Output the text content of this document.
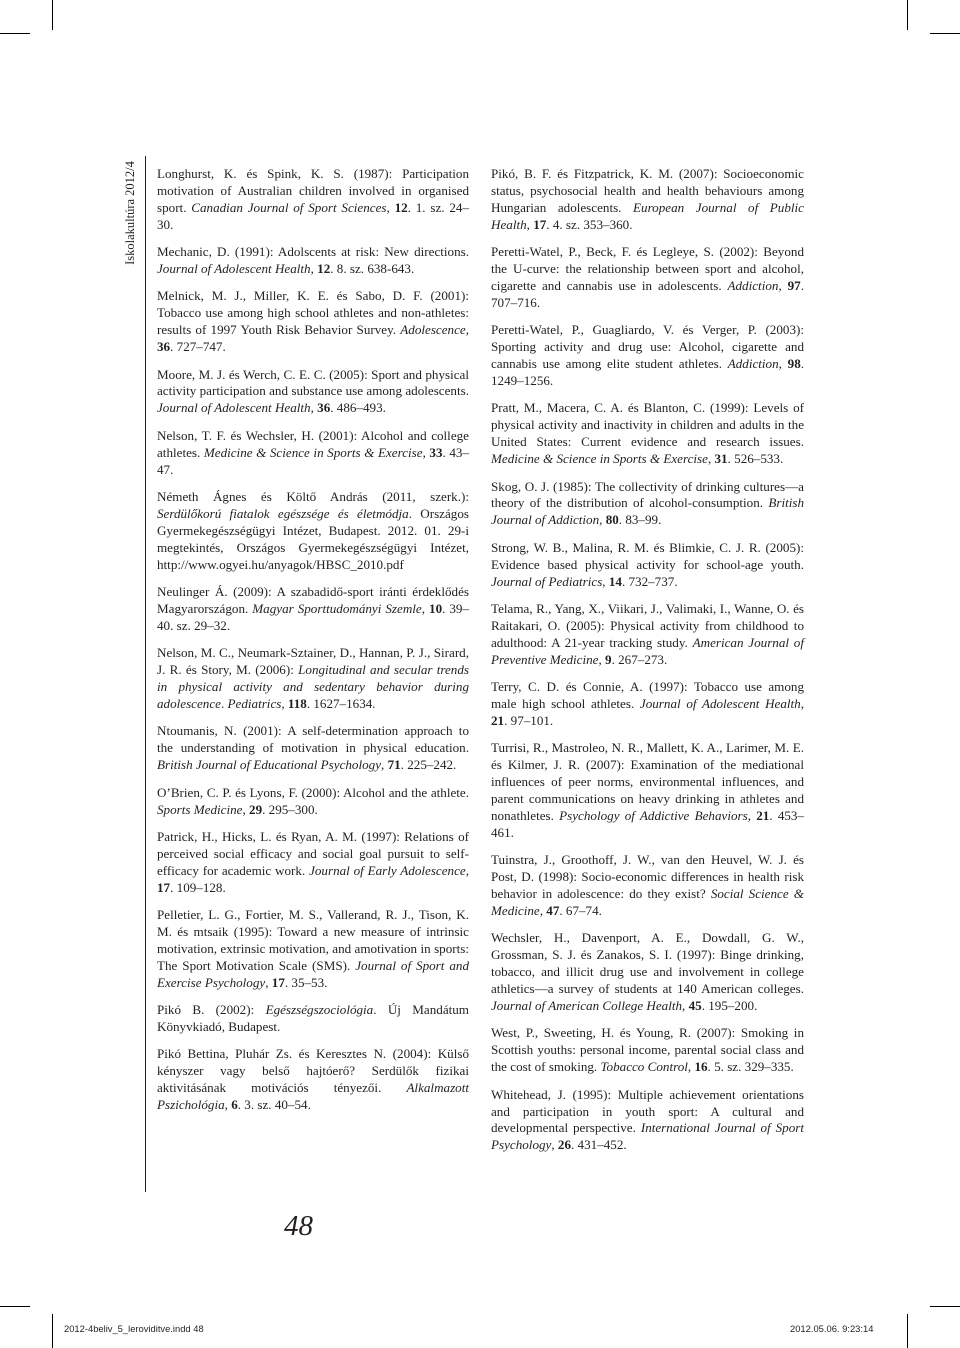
Iskolakultúra 2012/4	Longhurst, K. és Spink, K. S. (1987): Participation motivation of Australian children involved in organised sport. Canadian Journal of Sport Sciences, 12. 1. sz. 24–30.

Mechanic, D. (1991): Adolscents at risk: New directions. Journal of Adolescent Health, 12. 8. sz. 638-643.

Melnick, M. J., Miller, K. E. és Sabo, D. F. (2001): Tobacco use among high school athletes and non-athletes: results of 1997 Youth Risk Behavior Survey. Adolescence, 36. 727–747.

Moore, M. J. és Werch, C. E. C. (2005): Sport and physical activity participation and substance use among adolescents. Journal of Adolescent Health, 36. 486–493.

Nelson, T. F. és Wechsler, H. (2001): Alcohol and college athletes. Medicine & Science in Sports & Exercise, 33. 43–47.

Németh Ágnes és Költő András (2011, szerk.): Serdülőkorú fiatalok egészsége és életmódja. Országos Gyermekegészségügyi Intézet, Budapest. 2012. 01. 29-i megtekintés, Országos Gyermekegészségügyi Intézet, http://www.ogyei.hu/anyagok/HBSC_2010.pdf

Neulinger Á. (2009): A szabadidő-sport iránti érdeklődés Magyarországon. Magyar Sporttudományi Szemle, 10. 39–40. sz. 29–32.

Nelson, M. C., Neumark-Sztainer, D., Hannan, P. J., Sirard, J. R. és Story, M. (2006): Longitudinal and secular trends in physical activity and sedentary behavior during adolescence. Pediatrics, 118. 1627–1634.

Ntoumanis, N. (2001): A self-determination approach to the understanding of motivation in physical education. British Journal of Educational Psychology, 71. 225–242.

O’Brien, C. P. és Lyons, F. (2000): Alcohol and the athlete. Sports Medicine, 29. 295–300.

Patrick, H., Hicks, L. és Ryan, A. M. (1997): Relations of perceived social efficacy and social goal pursuit to self-efficacy for academic work. Journal of Early Adolescence, 17. 109–128.

Pelletier, L. G., Fortier, M. S., Vallerand, R. J., Tison, K. M. és mtsaik (1995): Toward a new measure of intrinsic motivation, extrinsic motivation, and amotivation in sports: The Sport Motivation Scale (SMS). Journal of Sport and Exercise Psychology, 17. 35–53.

Pikó B. (2002): Egészségszociológia. Új Mandátum Könyvkiadó, Budapest.

Pikó Bettina, Pluhár Zs. és Keresztes N. (2004): Külső kényszer vagy belső hajtóerő? Serdülők fizikai aktivitásának motivációs tényezői. Alkalmazott Pszichológia, 6. 3. sz. 40–54.

Pikó, B. F. és Fitzpatrick, K. M. (2007): Socioeconomic status, psychosocial health and health behaviours among Hungarian adolescents. European Journal of Public Health, 17. 4. sz. 353–360.

Peretti-Watel, P., Beck, F. és Legleye, S. (2002): Beyond the U-curve: the relationship between sport and alcohol, cigarette and cannabis use in adolescents. Addiction, 97. 707–716.

Peretti-Watel, P., Guagliardo, V. és Verger, P. (2003): Sporting activity and drug use: Alcohol, cigarette and cannabis use among elite student athletes. Addiction, 98. 1249–1256.

Pratt, M., Macera, C. A. és Blanton, C. (1999): Levels of physical activity and inactivity in children and adults in the United States: Current evidence and research issues. Medicine & Science in Sports & Exercise, 31. 526–533.

Skog, O. J. (1985): The collectivity of drinking cultures—a theory of the distribution of alcohol-consumption. British Journal of Addiction, 80. 83–99.

Strong, W. B., Malina, R. M. és Blimkie, C. J. R. (2005): Evidence based physical activity for school-age youth. Journal of Pediatrics, 14. 732–737.

Telama, R., Yang, X., Viikari, J., Valimaki, I., Wanne, O. és Raitakari, O. (2005): Physical activity from childhood to adulthood: A 21-year tracking study. American Journal of Preventive Medicine, 9. 267–273.

Terry, C. D. és Connie, A. (1997): Tobacco use among male high school athletes. Journal of Adolescent Health, 21. 97–101.

Turrisi, R., Mastroleo, N. R., Mallett, K. A., Larimer, M. E. és Kilmer, J. R. (2007): Examination of the mediational influences of peer norms, environmental influences, and parent communications on heavy drinking in athletes and nonathletes. Psychology of Addictive Behaviors, 21. 453–461.

Tuinstra, J., Groothoff, J. W., van den Heuvel, W. J. és Post, D. (1998): Socio-economic differences in health risk behavior in adolescence: do they exist? Social Science & Medicine, 47. 67–74.

Wechsler, H., Davenport, A. E., Dowdall, G. W., Grossman, S. J. és Zanakos, S. I. (1997): Binge drinking, tobacco, and illicit drug use and involvement in college athletics—a survey of students at 140 American colleges. Journal of American College Health, 45. 195–200.

West, P., Sweeting, H. és Young, R. (2007): Smoking in Scottish youths: personal income, parental social class and the cost of smoking. Tobacco Control, 16. 5. sz. 329–335.

Whitehead, J. (1995): Multiple achievement orientations and participation in youth sport: A cultural and developmental perspective. International Journal of Sport Psychology, 26. 431–452.

48
2012-4beliv_5_leroviditve.indd 48	2012.05.06. 9:23:14
